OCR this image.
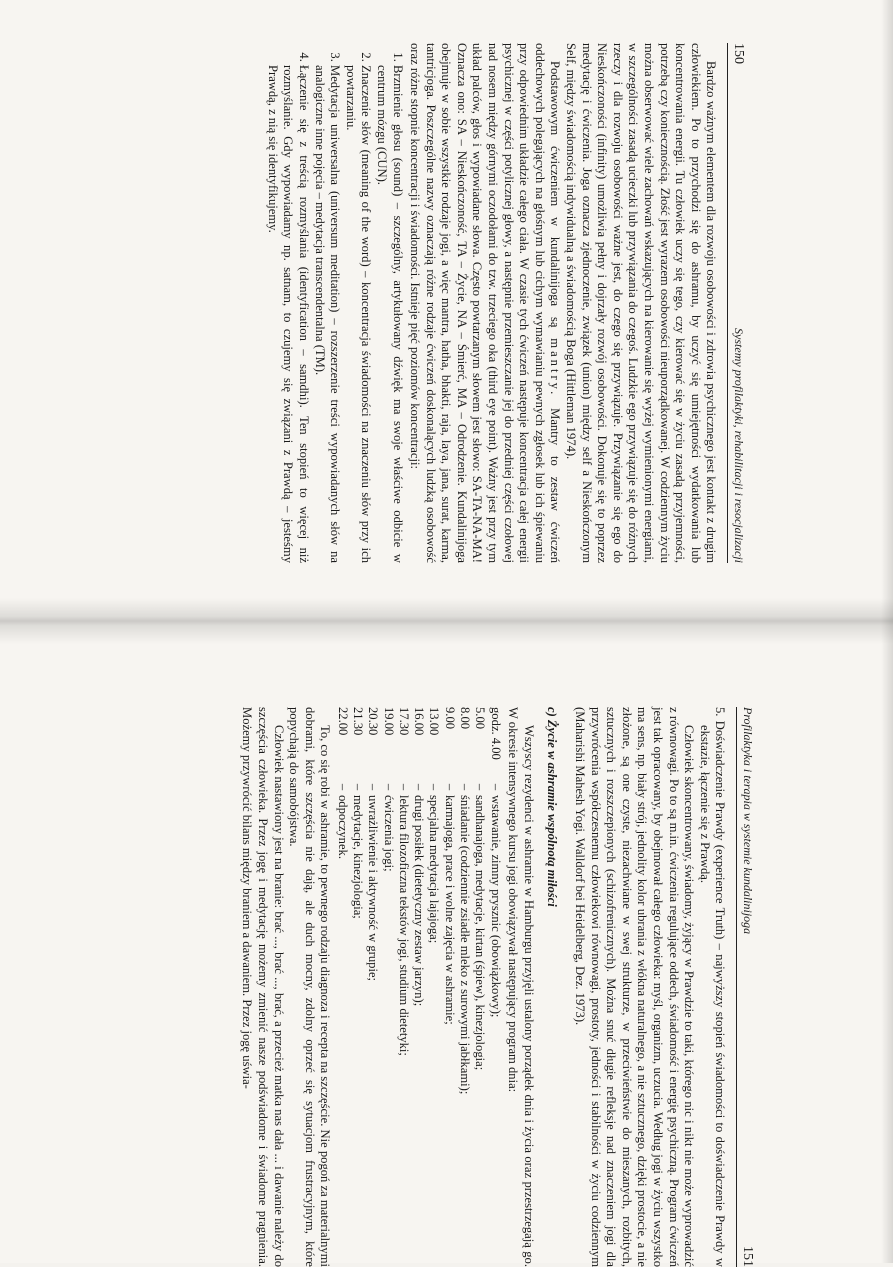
150
Systemy profilaktyki, rehabilitacji i resocjalizacji

Bardzo ważnym elementem dla rozwoju osobowości i zdrowia psychicznego jest kontakt z drugim człowiekiem. Po to przychodzi się do ashramu, by uczyć się umiejętności wydatkowania lub koncentrowania energii. Tu człowiek uczy się tego, czy kierować się w życiu zasadą przyjemności, potrzebą czy koniecznością. Złość jest wyrazem osobowości nieuporządkowanej. W codziennym życiu można obserwować wiele zachowań wskazujących na kierowanie się wyżej wymienionymi energiami, w szczególności zasadą ucieczki lub przywiązania do czegoś. Ludzkie ego przywiązuje się do różnych rzeczy i dla rozwoju osobowości ważne jest, do czego się przywiązuje. Przywiązanie się ego do Nieskończoności (infinity) umożliwia pełny i dojrzały rozwój osobowości. Dokonuje się to poprzez medytację i ćwiczenia. Joga oznacza zjednoczenie, związek (union) między self a Nieskończonym Self, między świadomością indywidualną a świadomością Boga (Hittleman 1974).

Podstawowym ćwiczeniem w kundalinijoga są mantry. Mantry to zestaw ćwiczeń oddechowych polegających na głośnym lub cichym wymawianiu pewnych zgłosek lub ich śpiewaniu przy odpowiednim układzie całego ciała. W czasie tych ćwiczeń następuje koncentracja całej energii psychicznej w części potylicznej głowy, a następnie przemieszczanie jej do przedniej części czołowej nad nosem między górnymi oczodołami do tzw. trzeciego oka (third eye point). Ważny jest przy tym układ palców, głos i wypowiadane słowa. Często powtarzanym słowem jest słowo: SA-TA-NA-MA! Oznacza ono: SA – Nieskończoność, TA – Życie, NA – Śmierć, MA – Odrodzenie. Kundalinijoga obejmuje w sobie wszystkie rodzaje jogi, a więc mantra, hatha, bhakti, raja, laya, jana, surat, karma, tantricjoga. Poszczególne nazwy oznaczają różne rodzaje ćwiczeń doskonalących ludzką osobowość oraz różne stopnie koncentracji i świadomości. Istnieje pięć poziomów koncentracji:

1. Brzmienie głosu (sound) – szczególny, artykułowany dźwięk ma swoje właściwe odbicie w centrum mózgu (CUN).
2. Znaczenie słów (meaning of the word) – koncentracja świadomości na znaczeniu słów przy ich powtarzaniu.
3. Medytacja uniwersalna (universum meditation) – rozszerzenie treści wypowiadanych słów na analogiczne inne pojęcia – medytacja transcendentalna (TM).
4. Łączenie się z treścią rozmyślania (identyfication – samdhi). Ten stopień to więcej niż rozmyślanie. Gdy wypowiadamy np. satnam, to czujemy się związani z Prawdą – jesteśmy Prawdą, z nią się identyfikujemy.
Profilaktyka i terapia w systemie kundalinijoga
151

5. Doświadczenie Prawdy (experience Truth) – najwyższy stopień świadomości to doświadczenie Prawdy w ekstazie, łączenie się z Prawdą.

Człowiek skoncentrowany, świadomy, żyjący w Prawdzie to taki, którego nic i nikt nie może wyprowadzić z równowagi. Po to są m.in. ćwiczenia regulujące oddech, świadomość i energię psychiczną. Program ćwiczeń jest tak opracowany, by obejmował całego człowieka: myśl, organizm, uczucia. Według jogi w życiu wszystko ma sens, np. biały strój, jednolity kolor ubrania z włókna naturalnego, a nie sztucznego, dzięki prostocie, a nie złożone, są one czyste, niezachwiane w swej strukturze, w przeciwieństwie do mieszanych, rozbitych, sztucznych i rozszczepionych (schizofrenicznych). Można snuć długie refleksje nad znaczeniem jogi dla przywrócenia współczesnemu człowiekowi równowagi, prostoty, jedności i stabilności w życiu codziennym (Maharishi Mahesh Yogi. Walldorf bei Heidelberg, Dez. 1973).

c) Życie w ashramie wspólnotą miłości

Wszyscy rezydenci w ashramie w Hamburgu przyjęli ustalony porządek dnia i życia oraz przestrzegają go. W okresie intensywnego kursu jogi obowiązywał następujący program dnia:

godz. 4.00	–	wstawanie, zimny prysznic (obowiązkowy);
5.00	–	sandhanajoga, medytacje, kirtan (śpiew), kinezjologia;
8.00	–	śniadanie (codziennie zsiadłe mleko z surowymi jabłkami);
9.00	–	karmajoga, prace i wolne zajęcia w ashramie;
13.00	–	specjalna medytacja lajajoga;
16.00	–	drugi posiłek (dietetyczny zestaw jarzyn);
17.30	–	lektura filozoficzna tekstów jogi, studium dietetyki;
19.00	–	ćwiczenia jogi;
20.30	–	uwrażliwienie i aktywność w grupie;
21.30	–	medytacje, kinezjologia;
22.00	–	odpoczynek.

To, co się robi w ashramie, to pewnego rodzaju diagnoza i recepta na szczęście. Nie pogoń za materialnymi dobrami, które szczęścia nie dają, ale duch mocny, zdolny oprzeć się sytuacjom frustracyjnym, które popychają do samobójstwa.

Człowiek nastawiony jest na branie: brać ..., brać ..., brać, a przecież matka nas dała ... i dawanie należy do szczęścia człowieka. Przez jogę i medytację możemy zmienić nasze podświadome i świadome pragnienia. Możemy przywrócić bilans między braniem a dawaniem. Przez jogę uświa-
